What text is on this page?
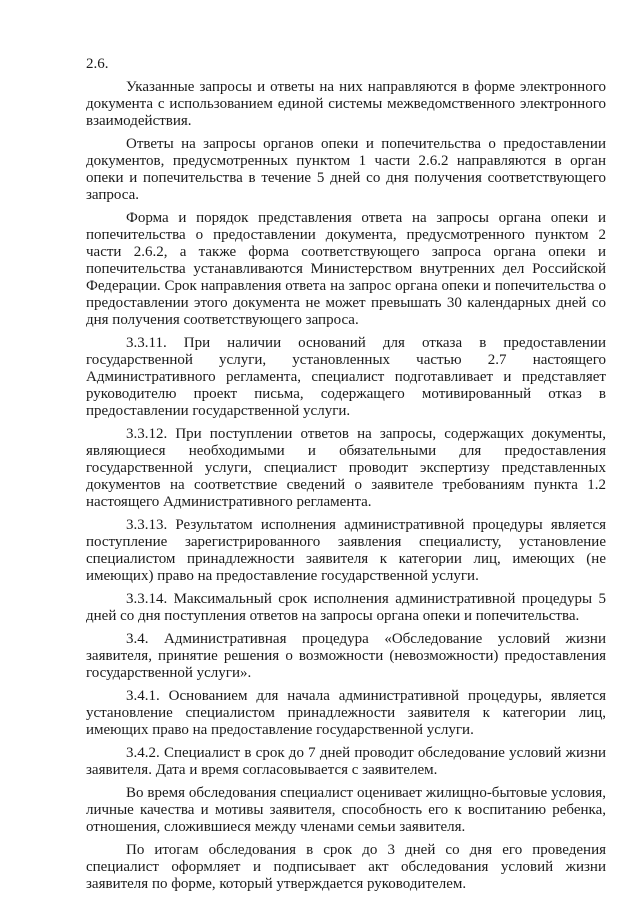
2.6.

Указанные запросы и ответы на них направляются в форме электронного документа с использованием единой системы межведомственного электронного взаимодействия.

Ответы на запросы органов опеки и попечительства о предоставлении документов, предусмотренных пунктом 1 части 2.6.2 направляются в орган опеки и попечительства в течение 5 дней со дня получения соответствующего запроса.

Форма и порядок представления ответа на запросы органа опеки и попечительства о предоставлении документа, предусмотренного пунктом 2 части 2.6.2, а также форма соответствующего запроса органа опеки и попечительства устанавливаются Министерством внутренних дел Российской Федерации. Срок направления ответа на запрос органа опеки и попечительства о предоставлении этого документа не может превышать 30 календарных дней со дня получения соответствующего запроса.

3.3.11. При наличии оснований для отказа в предоставлении государственной услуги, установленных частью 2.7 настоящего Административного регламента, специалист подготавливает и представляет руководителю проект письма, содержащего мотивированный отказ в предоставлении государственной услуги.

3.3.12. При поступлении ответов на запросы, содержащих документы, являющиеся необходимыми и обязательными для предоставления государственной услуги, специалист проводит экспертизу представленных документов на соответствие сведений о заявителе требованиям пункта 1.2 настоящего Административного регламента.

3.3.13. Результатом исполнения административной процедуры является поступление зарегистрированного заявления специалисту, установление специалистом принадлежности заявителя к категории лиц, имеющих (не имеющих) право на предоставление государственной услуги.

3.3.14. Максимальный срок исполнения административной процедуры 5 дней со дня поступления ответов на запросы органа опеки и попечительства.

3.4. Административная процедура «Обследование условий жизни заявителя, принятие решения о возможности (невозможности) предоставления государственной услуги».

3.4.1. Основанием для начала административной процедуры, является установление специалистом принадлежности заявителя к категории лиц, имеющих право на предоставление государственной услуги.

3.4.2. Специалист в срок до 7 дней проводит обследование условий жизни заявителя. Дата и время согласовывается с заявителем.

Во время обследования специалист оценивает жилищно-бытовые условия, личные качества и мотивы заявителя, способность его к воспитанию ребенка, отношения, сложившиеся между членами семьи заявителя.

По итогам обследования в срок до 3 дней со дня его проведения специалист оформляет и подписывает акт обследования условий жизни заявителя по форме, который утверждается руководителем.
